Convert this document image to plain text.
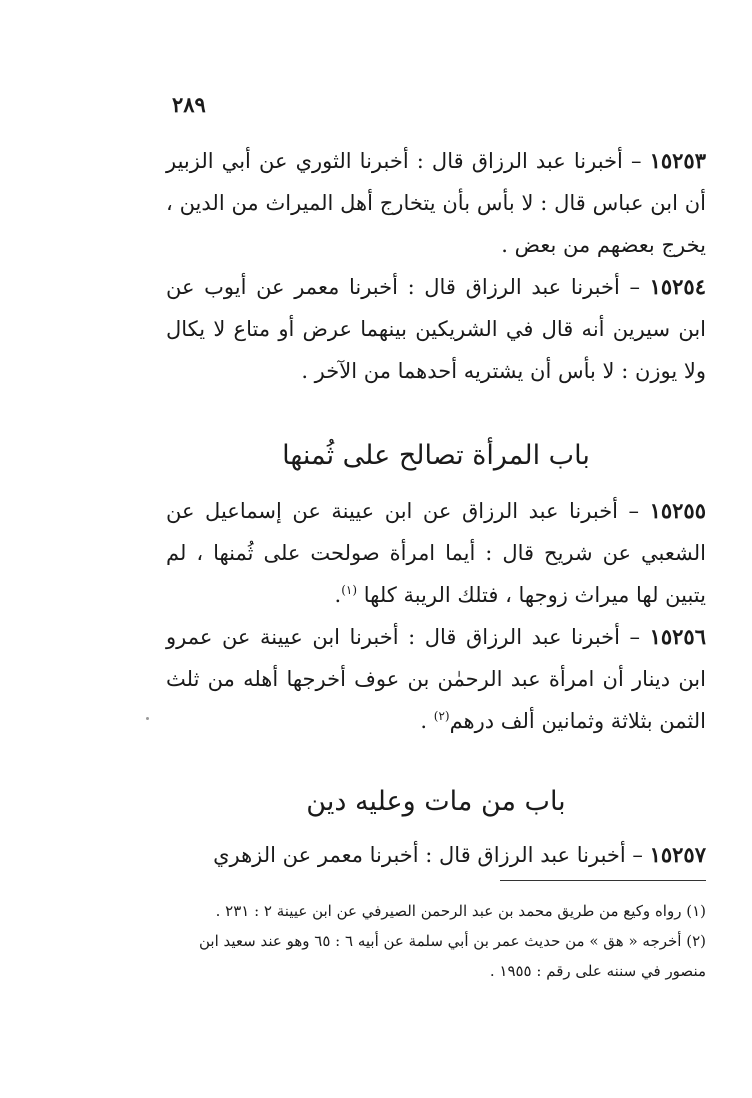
٢٨٩

١٥٢٥٣ – أخبرنا عبد الرزاق قال : أخبرنا الثوري عن أبي الزبير أن ابن عباس قال : لا بأس بأن يتخارج أهل الميراث من الدين ، يخرج بعضهم من بعض .

١٥٢٥٤ – أخبرنا عبد الرزاق قال : أخبرنا معمر عن أيوب عن ابن سيرين أنه قال في الشريكين بينهما عرض أو متاع لا يكال ولا يوزن : لا بأس أن يشتريه أحدهما من الآخر .

باب المرأة تصالح على ثُمنها

١٥٢٥٥ – أخبرنا عبد الرزاق عن ابن عيينة عن إسماعيل عن الشعبي عن شريح قال : أيما امرأة صولحت على ثُمنها ، لم يتبين لها ميراث زوجها ، فتلك الريبة كلها $^{(١)}$.

١٥٢٥٦ – أخبرنا عبد الرزاق قال : أخبرنا ابن عيينة عن عمرو ابن دينار أن امرأة عبد الرحمٰن بن عوف أخرجها أهله من ثلث الثمن بثلاثة وثمانين ألف درهم$^{(٢)}$ .

باب من مات وعليه دين

١٥٢٥٧ – أخبرنا عبد الرزاق قال : أخبرنا معمر عن الزهري

(١) رواه وكيع من طريق محمد بن عبد الرحمن الصيرفي عن ابن عيينة ٢ : ٢٣١ .
(٢) أخرجه « هق » من حديث عمر بن أبي سلمة عن أبيه ٦ : ٦٥ وهو عند سعيد ابن منصور في سننه على رقم : ١٩٥٥ .
